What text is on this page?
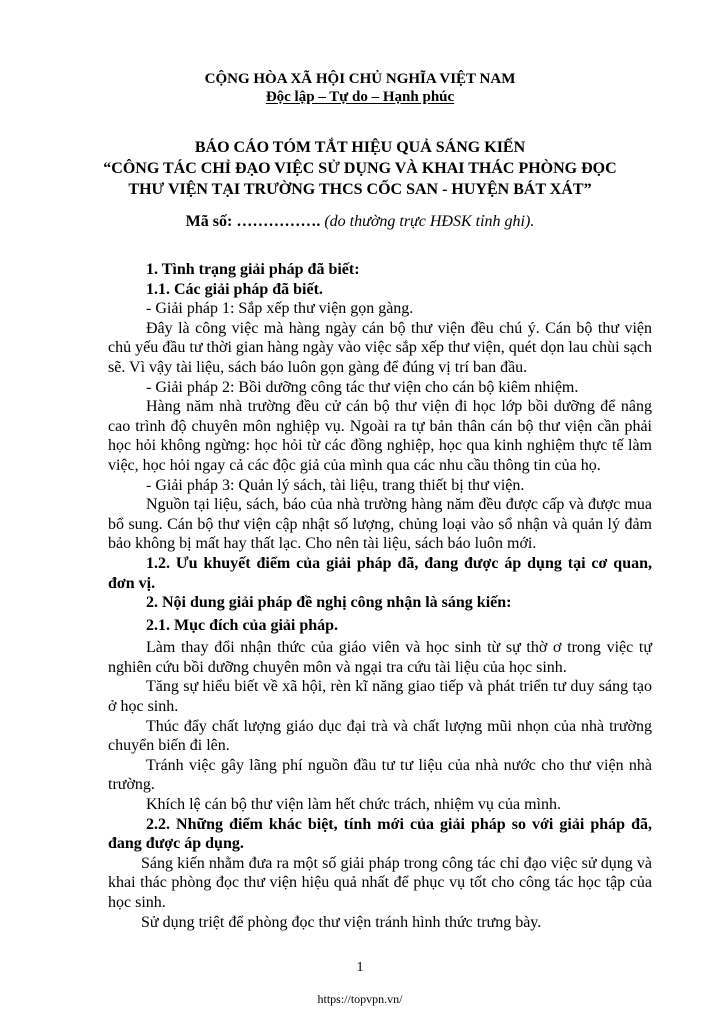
CỘNG HÒA XÃ HỘI CHỦ NGHĨA VIỆT NAM
Độc lập – Tự do – Hạnh phúc
BÁO CÁO TÓM TẮT HIỆU QUẢ SÁNG KIẾN
“CÔNG TÁC CHỈ ĐẠO VIỆC SỬ DỤNG VÀ KHAI THÁC PHÒNG ĐỌC
THƯ VIỆN TẠI TRƯỜNG THCS CỐC SAN - HUYỆN BÁT XÁT”
Mã số: ……………. (do thường trực HĐSK tỉnh ghi).

1. Tình trạng giải pháp đã biết:

1.1. Các giải pháp đã biết.

- Giải pháp 1: Sắp xếp thư viện gọn gàng.

Đây là công việc mà hàng ngày cán bộ thư viện đều chú ý. Cán bộ thư viện chủ yếu đầu tư thời gian hàng ngày vào việc sắp xếp thư viện, quét dọn lau chùi sạch sẽ. Vì vậy tài liệu, sách báo luôn gọn gàng để đúng vị trí ban đầu.

- Giải pháp 2: Bồi dưỡng công tác thư viện cho cán bộ kiêm nhiệm.

Hàng năm nhà trường đều cử cán bộ thư viện đi học lớp bồi dưỡng để nâng cao trình độ chuyên môn nghiệp vụ. Ngoài ra tự bản thân cán bộ thư viện cần phải học hỏi không ngừng: học hỏi từ các đồng nghiệp, học qua kinh nghiệm thực tế làm việc, học hỏi ngay cả các độc giả của mình qua các nhu cầu thông tin của họ.

- Giải pháp 3: Quản lý sách, tài liệu, trang thiết bị thư viện.

Nguồn tại liệu, sách, báo của nhà trường hàng năm đều được cấp và được mua bổ sung. Cán bộ thư viện cập nhật số lượng, chủng loại vào sổ nhận và quản lý đảm bảo không bị mất hay thất lạc. Cho nên tài liệu, sách báo luôn mới.

1.2. Ưu khuyết điểm của giải pháp đã, đang được áp dụng tại cơ quan, đơn vị.

2. Nội dung giải pháp đề nghị công nhận là sáng kiến:

2.1. Mục đích của giải pháp.

Làm thay đổi nhận thức của giáo viên và học sinh từ sự thờ ơ trong việc tự nghiên cứu bồi dưỡng chuyên môn và ngại tra cứu tài liệu của học sinh.

Tăng sự hiểu biết về xã hội, rèn kĩ năng giao tiếp và phát triển tư duy sáng tạo ở học sinh.

Thúc đẩy chất lượng giáo dục đại trà và chất lượng mũi nhọn của nhà trường chuyển biến đi lên.

Tránh việc gây lãng phí nguồn đầu tư tư liệu của nhà nước cho thư viện nhà trường.

Khích lệ cán bộ thư viện làm hết chức trách, nhiệm vụ của mình.

2.2. Những điểm khác biệt, tính mới của giải pháp so với giải pháp đã, đang được áp dụng.

Sáng kiến nhằm đưa ra một số giải pháp trong công tác chỉ đạo việc sử dụng và khai thác phòng đọc thư viện hiệu quả nhất để phục vụ tốt cho công tác học tập của học sinh.

Sử dụng triệt để phòng đọc thư viện tránh hình thức trưng bày.

1
https://topvpn.vn/
